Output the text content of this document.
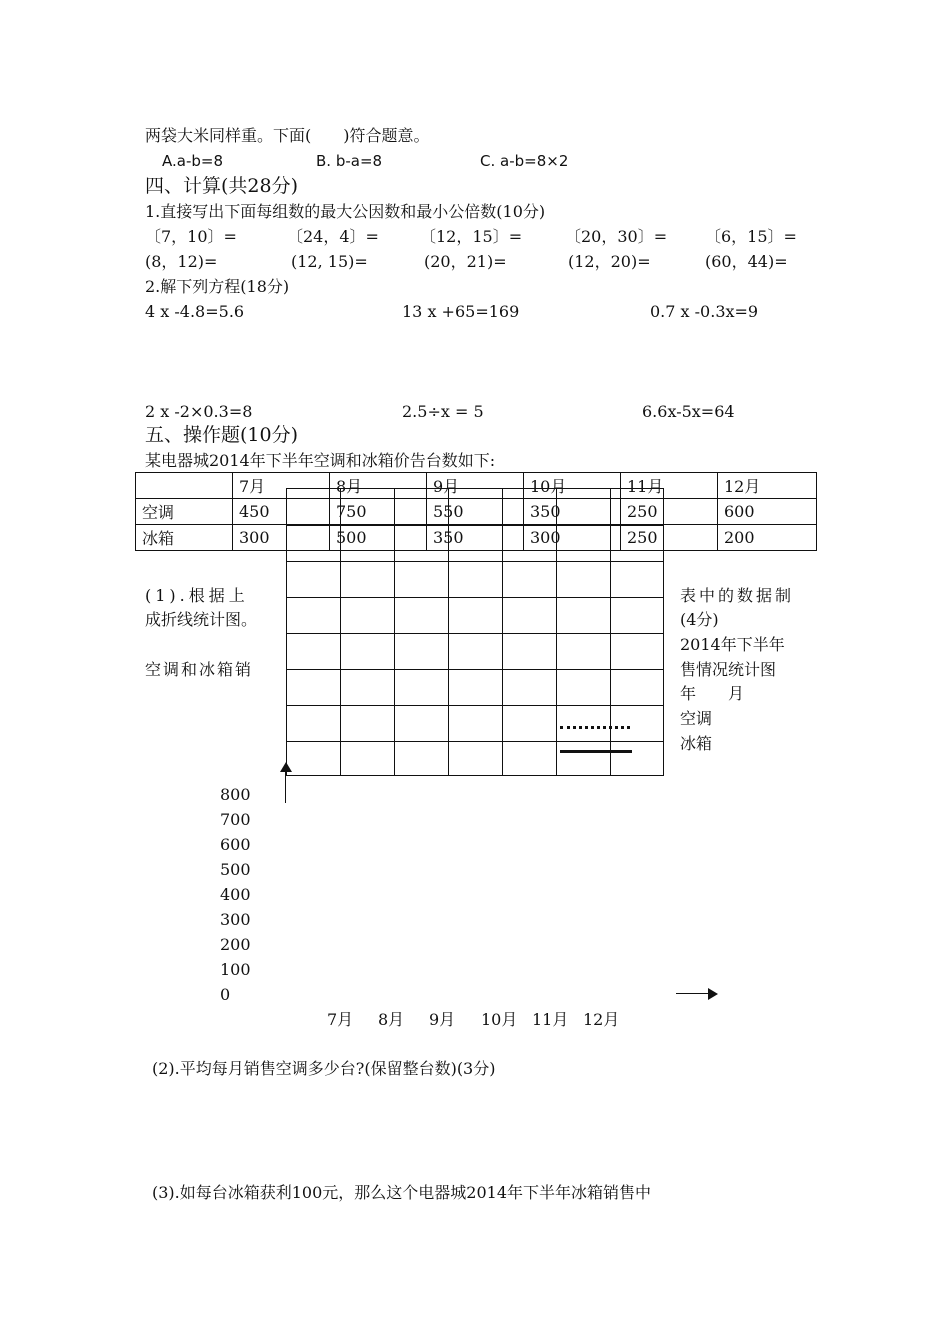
两袋大米同样重。下面(　　)符合题意。
A.a-b=8	B. b-a=8	C. a-b=8×2
四、计算(共28分)
1.直接写出下面每组数的最大公因数和最小公倍数(10分)
〔7，10〕=	〔24，4〕=	〔12，15〕=	〔20，30〕= 〔6，15〕=
(8，12)=	(12, 15)=	(20，21)=	(12，20)=	(60，44)=
2.解下列方程(18分)
4 x -4.8=5.6	13 x +65=169	0.7 x -0.3x=9
2 x -2×0.3=8	2.5÷x = 5	6.6x-5x=64
五、操作题(10分)
某电器城2014年下半年空调和冰箱价告台数如下:
	7月	8月	9月	10月	11月	12月
空调	450	750	550	350	250	600
冰箱	300	500	350	300	250	200
(1).根据上
成折线统计图。
空调和冰箱销
表中的数据制
(4分)
2014年下半年
售情况统计图
年　　月
空调
冰箱
800
700
600
500
400
300
200
100
0
7月 8月 9月 10月 11月 12月
(2).平均每月销售空调多少台?(保留整台数)(3分)
(3).如每台冰箱获利100元，那么这个电器城2014年下半年冰箱销售中
